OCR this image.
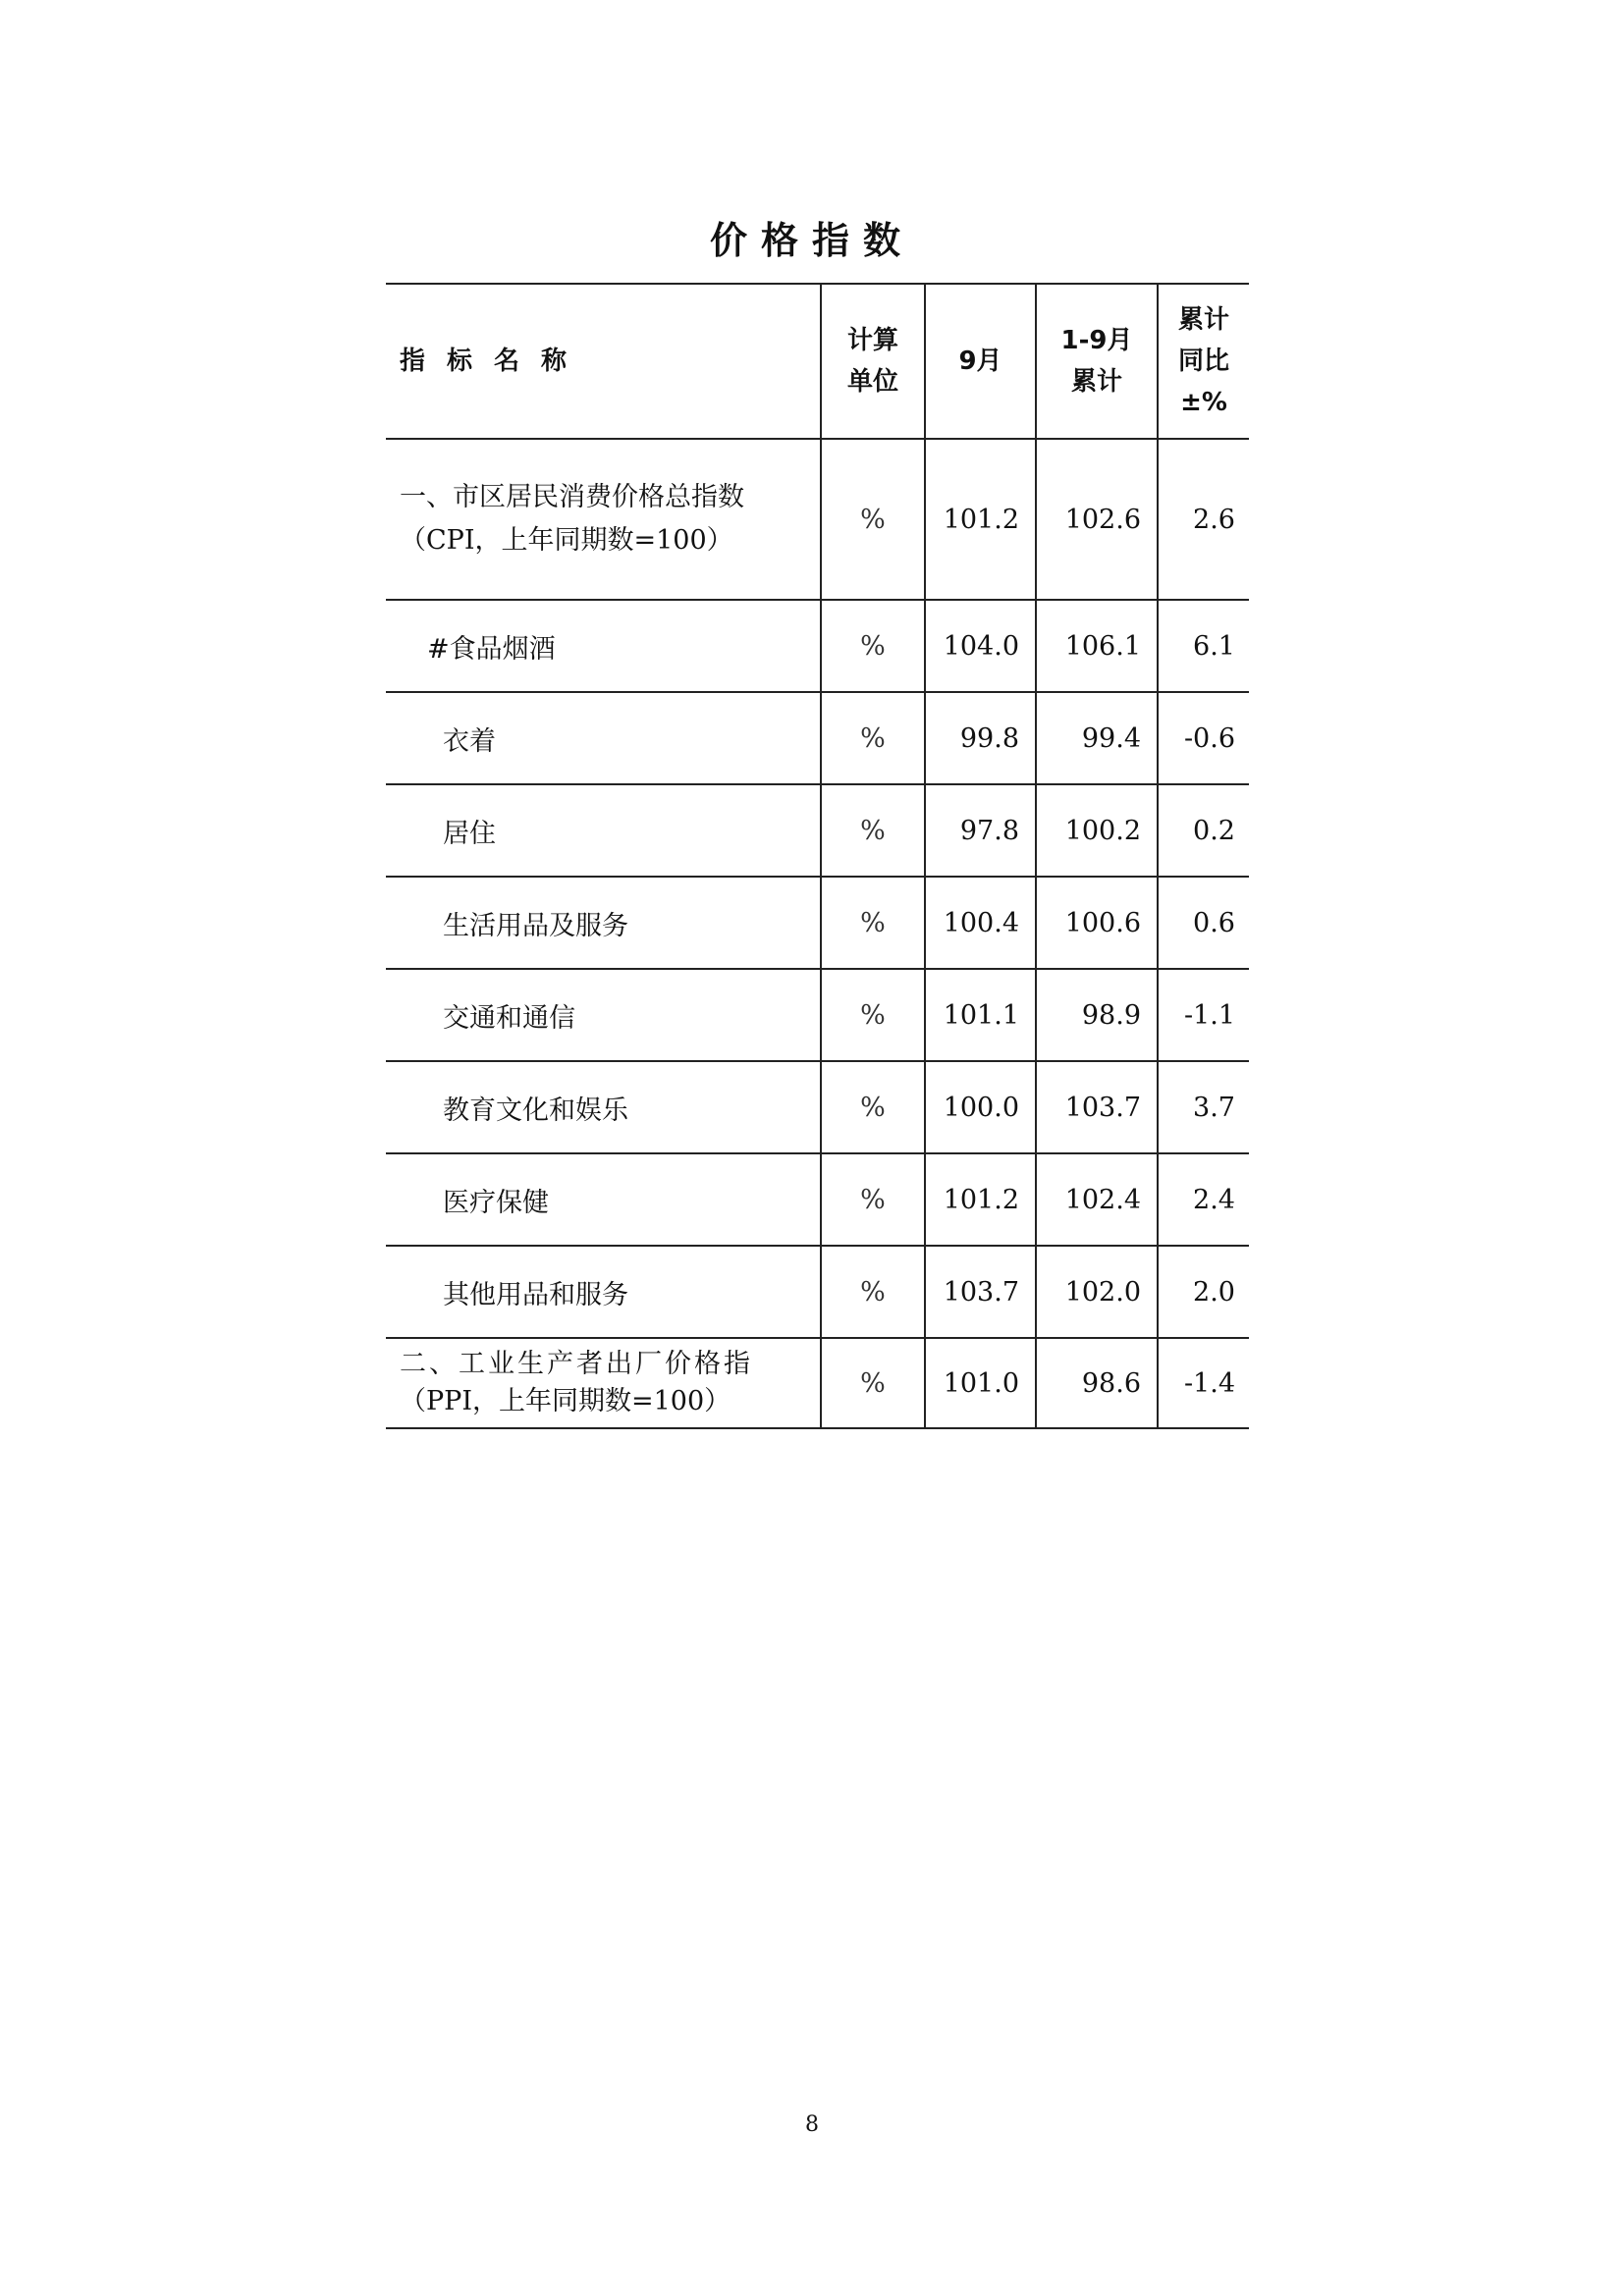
价格指数
指标名称	计算单位	9月	1-9月累计	累计同比±%

一、市区居民消费价格总指数
（CPI，上年同期数=100）	%	101.2	102.6	2.6
#食品烟酒	%	104.0	106.1	6.1
衣着	%	99.8	99.4	-0.6
居住	%	97.8	100.2	0.2
生活用品及服务	%	100.4	100.6	0.6
交通和通信	%	101.1	98.9	-1.1
教育文化和娱乐	%	100.0	103.7	3.7
医疗保健	%	101.2	102.4	2.4
其他用品和服务	%	103.7	102.0	2.0

二、工业生产者出厂价格指
（PPI，上年同期数=100）	%	101.0	98.6	-1.4
8
